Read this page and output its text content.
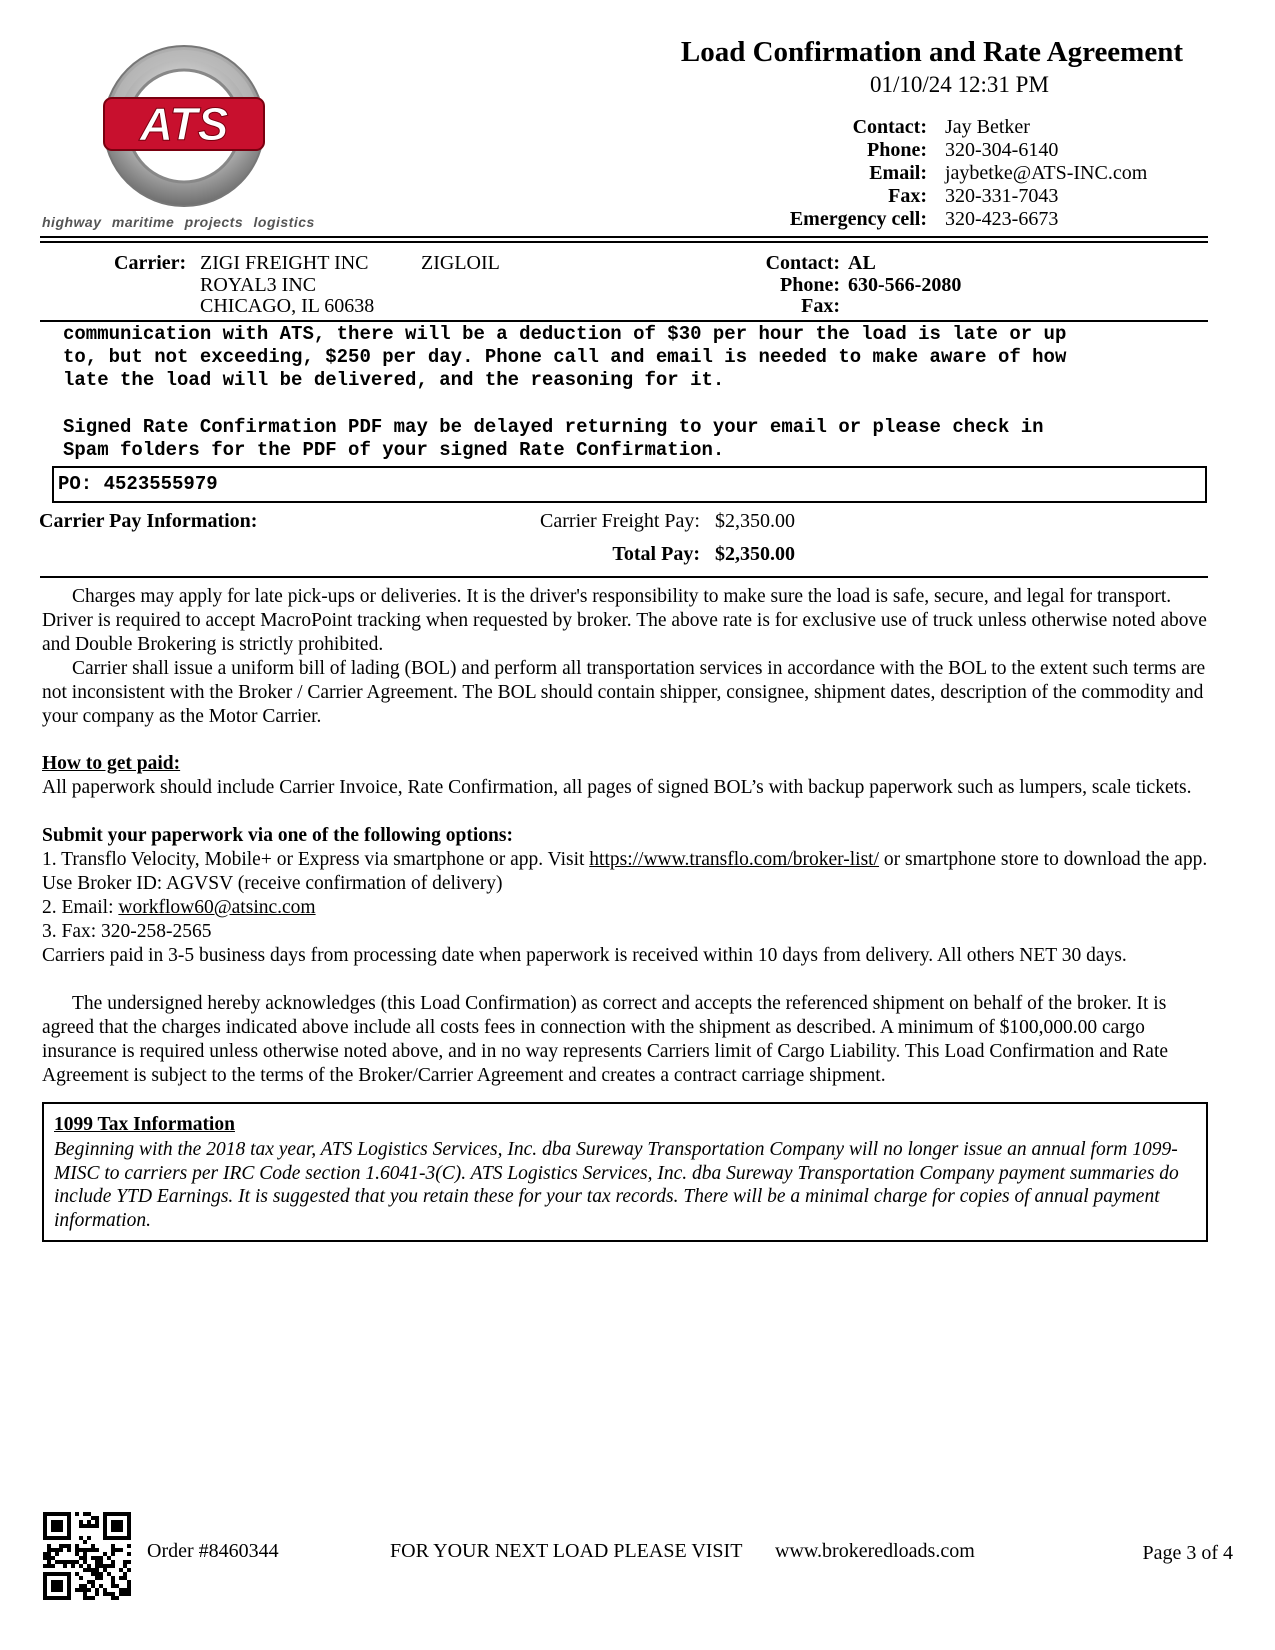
ATS
highway maritime projects logistics
Load Confirmation and Rate Agreement
01/10/24 12:31 PM
Contact: Jay Betker
Phone: 320-304-6140
Email: jaybetke@ATS-INC.com
Fax: 320-331-7043
Emergency cell: 320-423-6673
Carrier: ZIGI FREIGHT INC	ZIGLOIL
ROYAL3 INC
CHICAGO, IL 60638
Contact: AL
Phone: 630-566-2080
Fax:
communication with ATS, there will be a deduction of $30 per hour the load is late or up
to, but not exceeding, $250 per day. Phone call and email is needed to make aware of how
late the load will be delivered, and the reasoning for it.
Signed Rate Confirmation PDF may be delayed returning to your email or please check in
Spam folders for the PDF of your signed Rate Confirmation.
PO: 4523555979
Carrier Pay Information:	Carrier Freight Pay: $2,350.00
Total Pay: $2,350.00
Charges may apply for late pick-ups or deliveries. It is the driver's responsibility to make sure the load is safe, secure, and legal for transport. Driver is required to accept MacroPoint tracking when requested by broker. The above rate is for exclusive use of truck unless otherwise noted above and Double Brokering is strictly prohibited.
Carrier shall issue a uniform bill of lading (BOL) and perform all transportation services in accordance with the BOL to the extent such terms are not inconsistent with the Broker / Carrier Agreement. The BOL should contain shipper, consignee, shipment dates, description of the commodity and your company as the Motor Carrier.
How to get paid:
All paperwork should include Carrier Invoice, Rate Confirmation, all pages of signed BOL’s with backup paperwork such as lumpers, scale tickets.
Submit your paperwork via one of the following options:
1. Transflo Velocity, Mobile+ or Express via smartphone or app. Visit https://www.transflo.com/broker-list/ or smartphone store to download the app. Use Broker ID: AGVSV (receive confirmation of delivery)
2. Email: workflow60@atsinc.com
3. Fax: 320-258-2565
Carriers paid in 3-5 business days from processing date when paperwork is received within 10 days from delivery. All others NET 30 days.
The undersigned hereby acknowledges (this Load Confirmation) as correct and accepts the referenced shipment on behalf of the broker. It is agreed that the charges indicated above include all costs fees in connection with the shipment as described. A minimum of $100,000.00 cargo insurance is required unless otherwise noted above, and in no way represents Carriers limit of Cargo Liability. This Load Confirmation and Rate Agreement is subject to the terms of the Broker/Carrier Agreement and creates a contract carriage shipment.
1099 Tax Information
Beginning with the 2018 tax year, ATS Logistics Services, Inc. dba Sureway Transportation Company will no longer issue an annual form 1099-MISC to carriers per IRC Code section 1.6041-3(C). ATS Logistics Services, Inc. dba Sureway Transportation Company payment summaries do include YTD Earnings. It is suggested that you retain these for your tax records. There will be a minimal charge for copies of annual payment information.
Order #8460344	FOR YOUR NEXT LOAD PLEASE VISIT www.brokeredloads.com	Page 3 of 4
